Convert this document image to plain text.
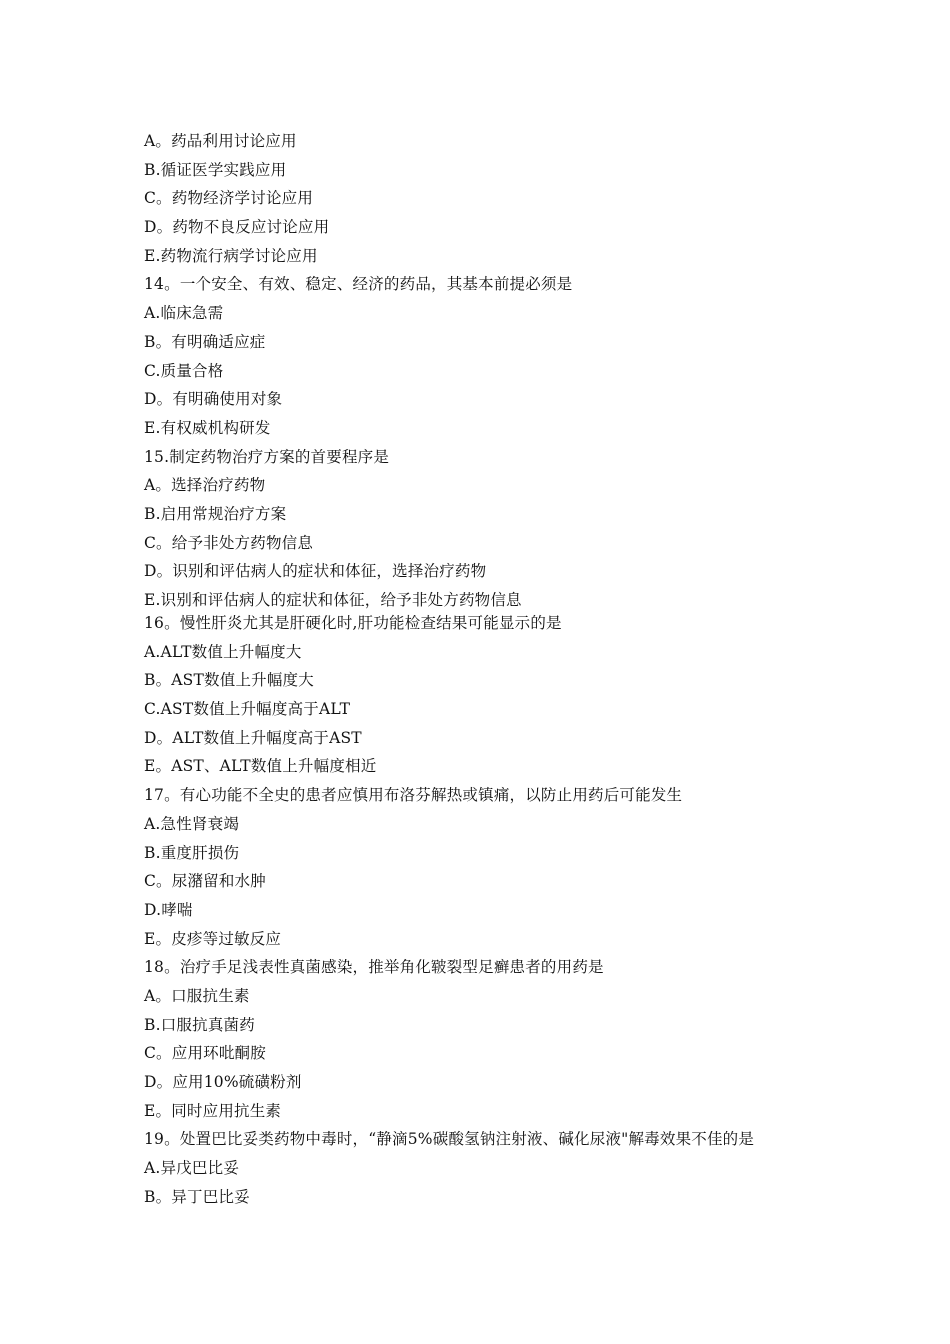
A。药品利用讨论应用
B.循证医学实践应用
C。药物经济学讨论应用
D。药物不良反应讨论应用
E.药物流行病学讨论应用
14。一个安全、有效、稳定、经济的药品，其基本前提必须是
A.临床急需
B。有明确适应症
C.质量合格
D。有明确使用对象
E.有权威机构研发
15.制定药物治疗方案的首要程序是
A。选择治疗药物
B.启用常规治疗方案
C。给予非处方药物信息
D。识别和评估病人的症状和体征，选择治疗药物
E.识别和评估病人的症状和体征，给予非处方药物信息
16。慢性肝炎尤其是肝硬化时,肝功能检查结果可能显示的是
A.ALT数值上升幅度大
B。AST数值上升幅度大
C.AST数值上升幅度高于ALT
D。ALT数值上升幅度高于AST
E。AST、ALT数值上升幅度相近
17。有心功能不全史的患者应慎用布洛芬解热或镇痛，以防止用药后可能发生
A.急性肾衰竭
B.重度肝损伤
C。尿潴留和水肿
D.哮喘
E。皮疹等过敏反应
18。治疗手足浅表性真菌感染，推举角化皲裂型足癣患者的用药是
A。口服抗生素
B.口服抗真菌药
C。应用环吡酮胺
D。应用10%硫磺粉剂
E。同时应用抗生素
19。处置巴比妥类药物中毒时，“静滴5%碳酸氢钠注射液、碱化尿液"解毒效果不佳的是
A.异戊巴比妥
B。异丁巴比妥
